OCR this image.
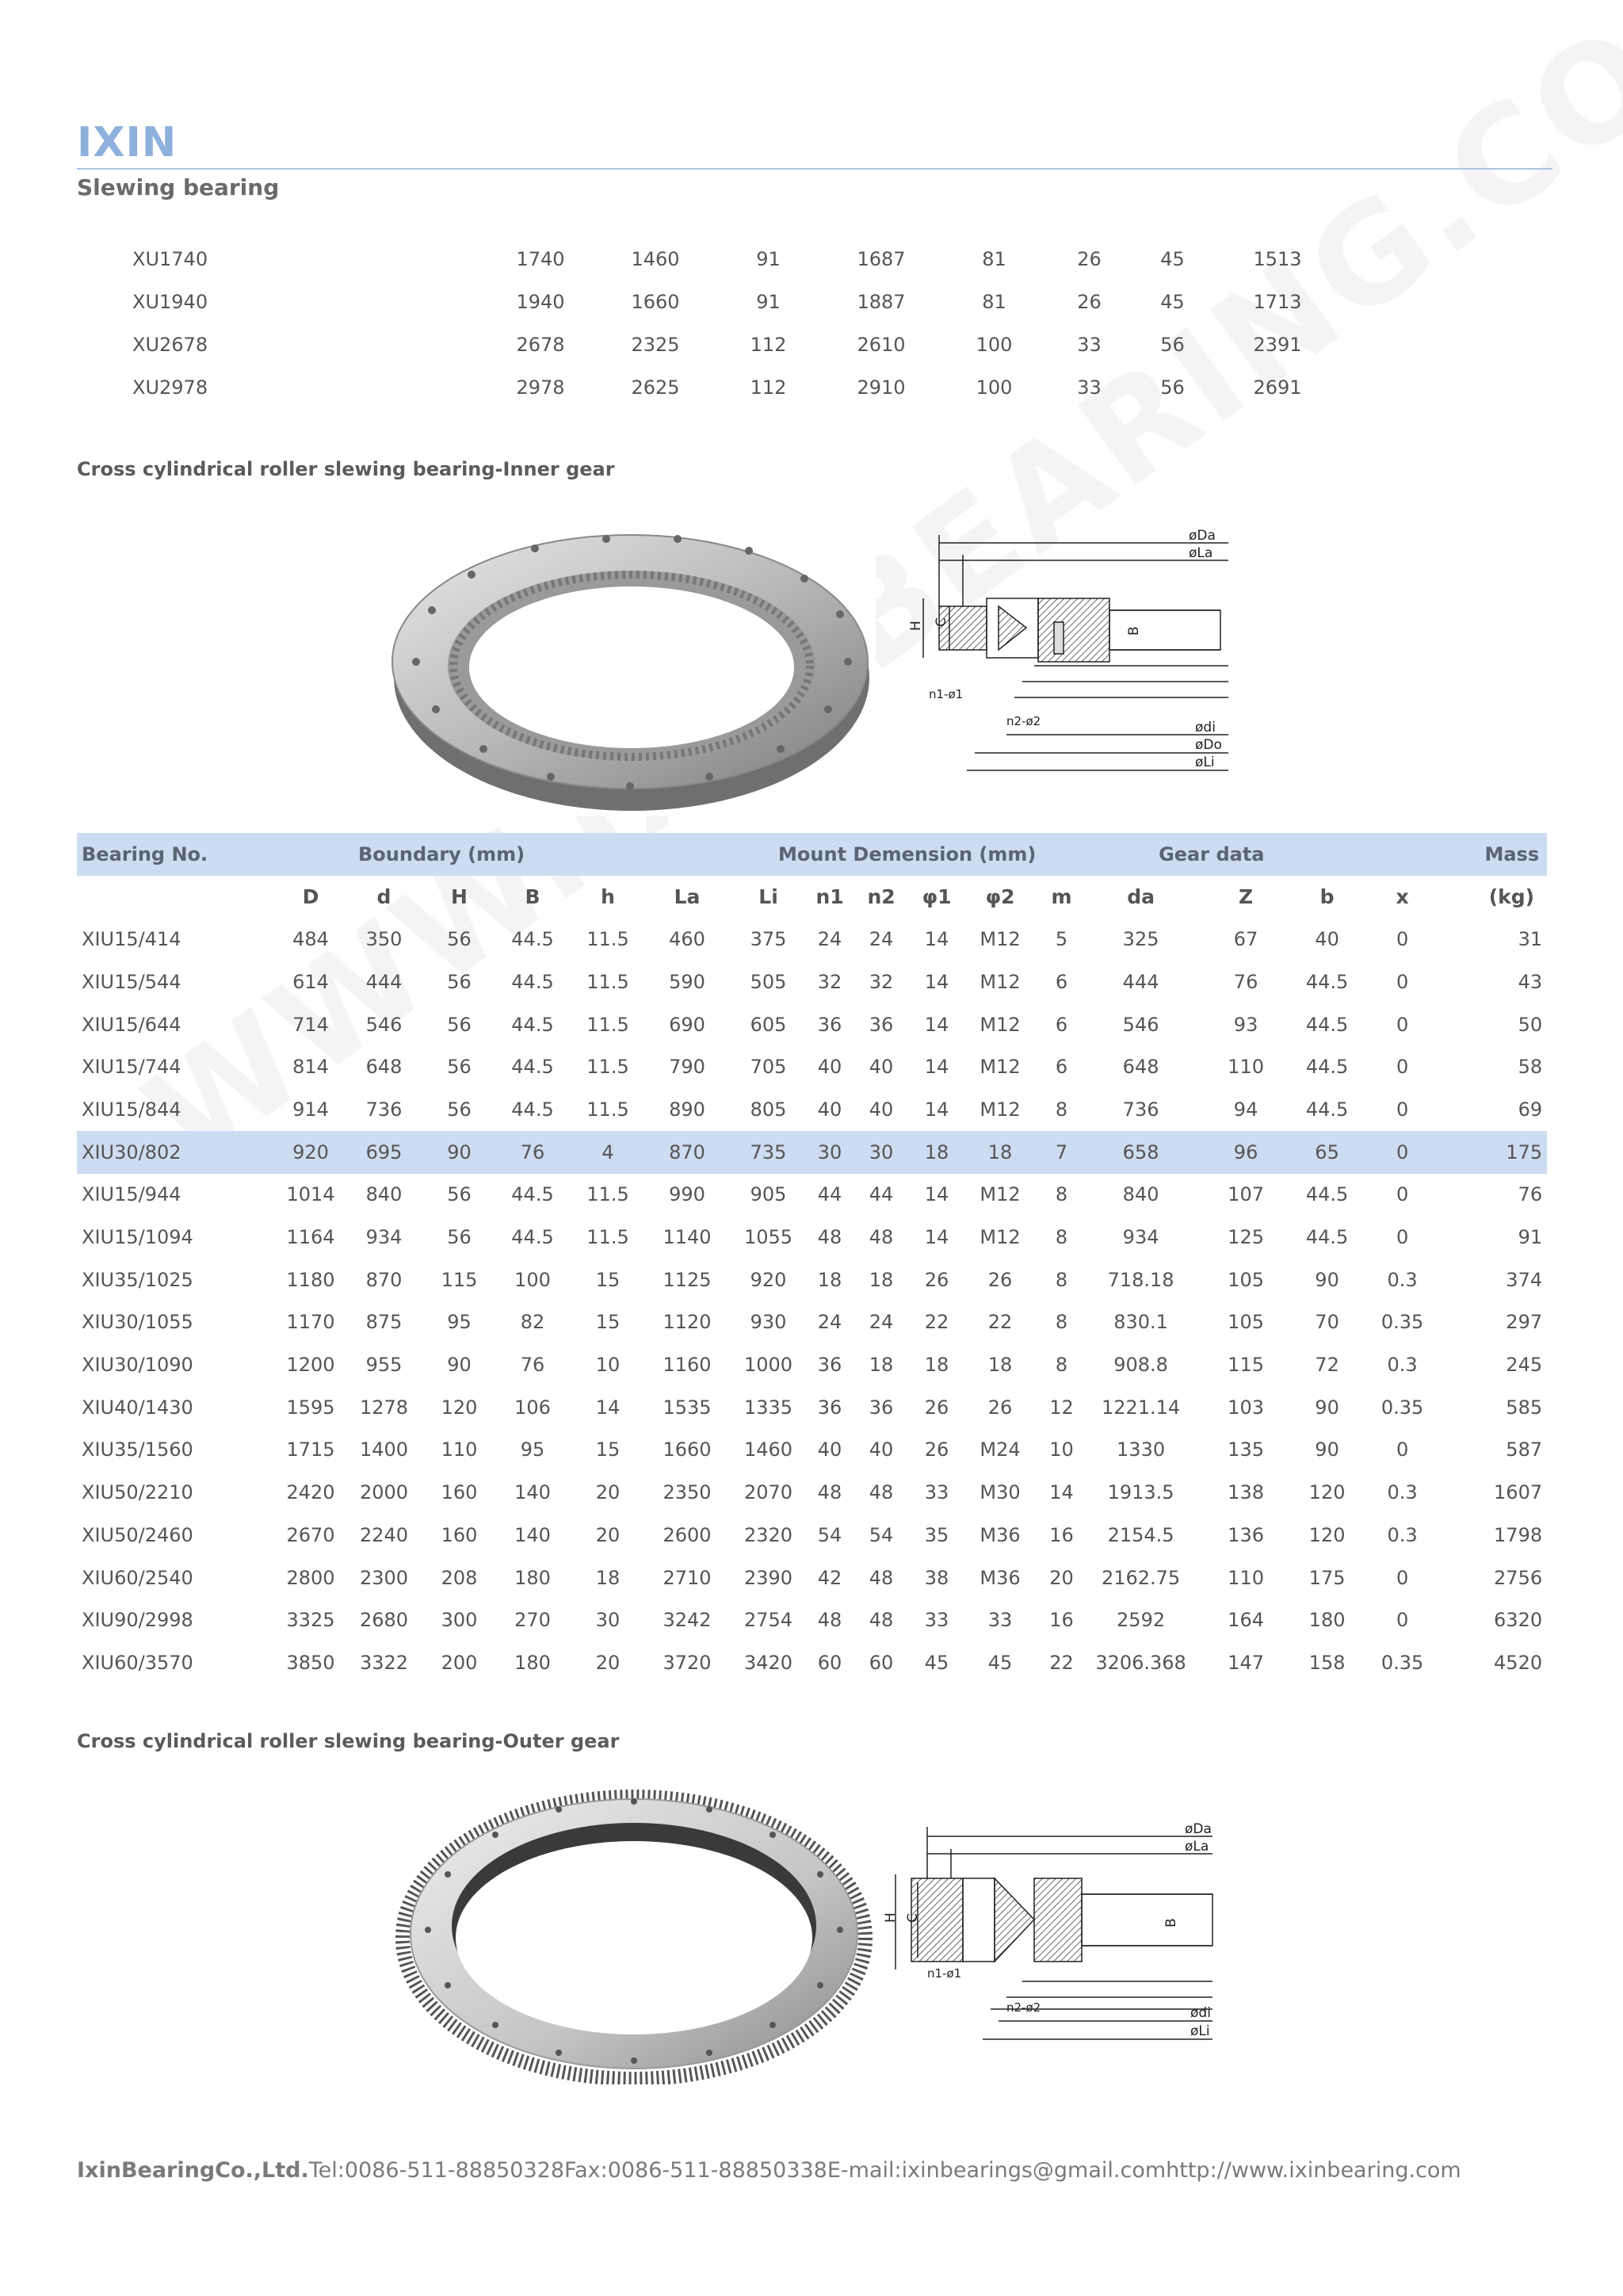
IXIN
Slewing bearing
XU1740	1740	1460	91	1687	81	26	45	1513
XU1940	1940	1660	91	1887	81	26	45	1713
XU2678	2678	2325	112	2610	100	33	56	2391
XU2978	2978	2625	112	2910	100	33	56	2691
Cross cylindrical roller slewing bearing-Inner gear
øDa
øLa
H C
B
n1-ø1
n2-ø2	ødi
øDo
øLi
Bearing No.		Boundary (mm)					Mount Demension (mm)						Gear data				Mass
	D	d	H	B	h	La	Li	n1	n2	φ1	φ2	m	da	Z	b	x	(kg)
XIU15/414	484	350	56	44.5	11.5	460	375	24	24	14	M12	5	325	67	40	0	31
XIU15/544	614	444	56	44.5	11.5	590	505	32	32	14	M12	6	444	76	44.5	0	43
XIU15/644	714	546	56	44.5	11.5	690	605	36	36	14	M12	6	546	93	44.5	0	50
XIU15/744	814	648	56	44.5	11.5	790	705	40	40	14	M12	6	648	110	44.5	0	58
XIU15/844	914	736	56	44.5	11.5	890	805	40	40	14	M12	8	736	94	44.5	0	69
XIU30/802	920	695	90	76	4	870	735	30	30	18	18	7	658	96	65	0	175
XIU15/944	1014	840	56	44.5	11.5	990	905	44	44	14	M12	8	840	107	44.5	0	76
XIU15/1094	1164	934	56	44.5	11.5	1140	1055	48	48	14	M12	8	934	125	44.5	0	91
XIU35/1025	1180	870	115	100	15	1125	920	18	18	26	26	8	718.18	105	90	0.3	374
XIU30/1055	1170	875	95	82	15	1120	930	24	24	22	22	8	830.1	105	70	0.35	297
XIU30/1090	1200	955	90	76	10	1160	1000	36	18	18	18	8	908.8	115	72	0.3	245
XIU40/1430	1595	1278	120	106	14	1535	1335	36	36	26	26	12	1221.14	103	90	0.35	585
XIU35/1560	1715	1400	110	95	15	1660	1460	40	40	26	M24	10	1330	135	90	0	587
XIU50/2210	2420	2000	160	140	20	2350	2070	48	48	33	M30	14	1913.5	138	120	0.3	1607
XIU50/2460	2670	2240	160	140	20	2600	2320	54	54	35	M36	16	2154.5	136	120	0.3	1798
XIU60/2540	2800	2300	208	180	18	2710	2390	42	48	38	M36	20	2162.75	110	175	0	2756
XIU90/2998	3325	2680	300	270	30	3242	2754	48	48	33	33	16	2592	164	180	0	6320
XIU60/3570	3850	3322	200	180	20	3720	3420	60	60	45	45	22	3206.368	147	158	0.35	4520
Cross cylindrical roller slewing bearing-Outer gear
øDa
øLa
H C
B
n1-ø1
n2-ø2	ødi
øLi
IxinBearingCo.,Ltd.Tel:0086-511-88850328Fax:0086-511-88850338E-mail:ixinbearings@gmail.comhttp://www.ixinbearing.com
